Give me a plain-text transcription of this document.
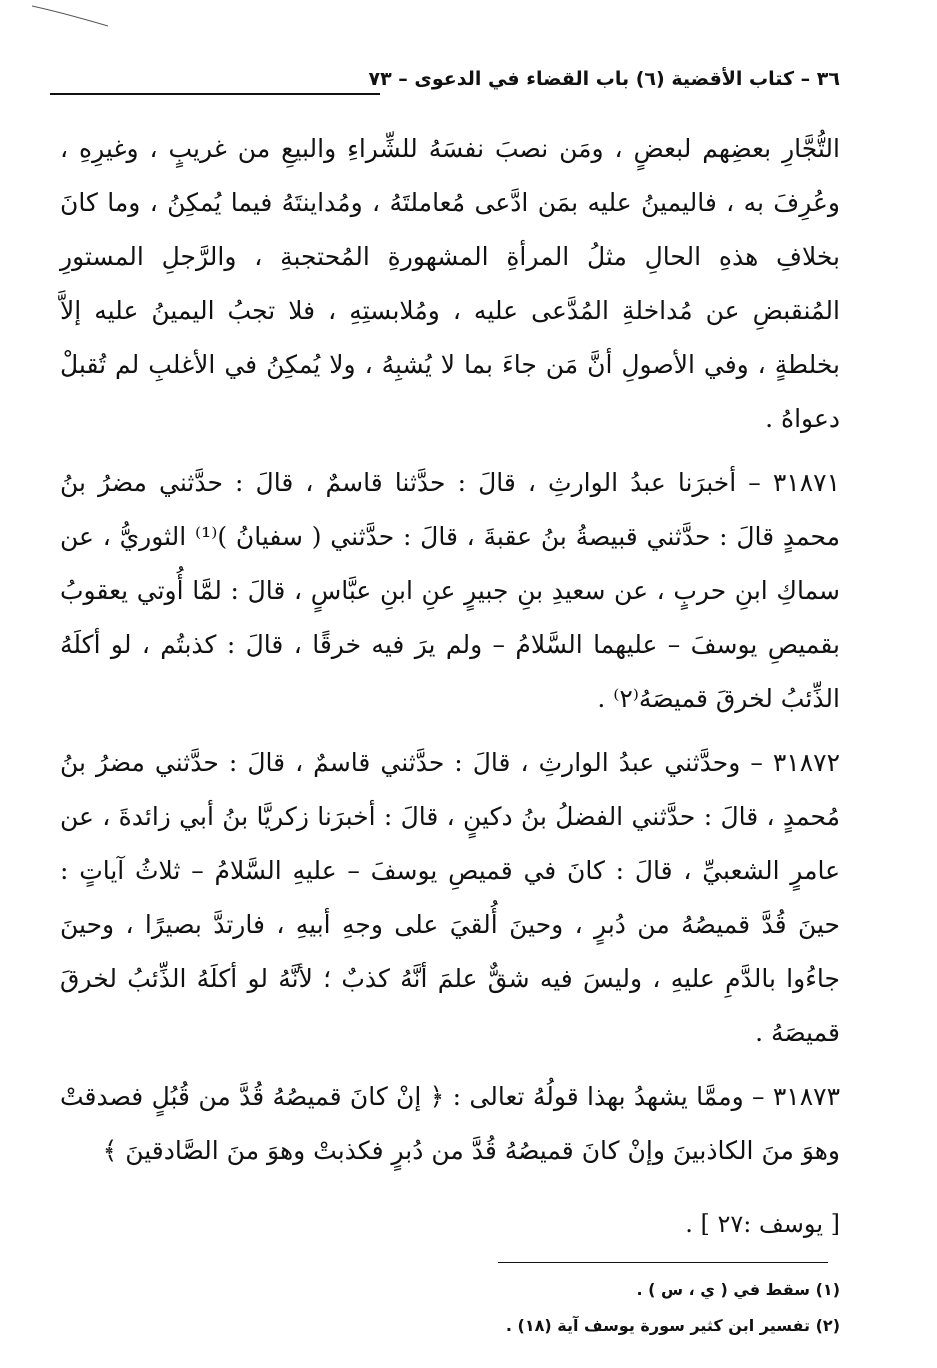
٣٦ – كتاب الأقضية (٦) باب القضاء في الدعوى – ٧٣

التُّجَّارِ بعضِهم لبعضٍ ، ومَن نصبَ نفسَهُ للشِّراءِ والبيعِ من غريبٍ ، وغيرِهِ ، وعُرِفَ به ، فاليمينُ عليه بمَن ادَّعى مُعاملتَهُ ، ومُداينتَهُ فيما يُمكِنُ ، وما كانَ بخلافِ هذهِ الحالِ مثلُ المرأةِ المشهورةِ المُحتجبةِ ، والرَّجلِ المستورِ المُنقبضِ عن مُداخلةِ المُدَّعى عليه ، ومُلابستِهِ ، فلا تجبُ اليمينُ عليه إلاَّ بخلطةٍ ، وفي الأصولِ أنَّ مَن جاءَ بما لا يُشبِهُ ، ولا يُمكِنُ في الأغلبِ لم تُقبلْ دعواهُ .

٣١٨٧١ – أخبرَنا عبدُ الوارثِ ، قالَ : حدَّثنا قاسمٌ ، قالَ : حدَّثني مضرُ بنُ محمدٍ قالَ : حدَّثني قبيصةُ بنُ عقبةَ ، قالَ : حدَّثني ( سفيانُ )⁽¹⁾ الثوريُّ ، عن سماكِ ابنِ حربٍ ، عن سعيدِ بنِ جبيرٍ عنِ ابنِ عبَّاسٍ ، قالَ : لمَّا أُوتي يعقوبُ بقميصِ يوسفَ – عليهما السَّلامُ – ولم يرَ فيه خرقًا ، قالَ : كذبتُم ، لو أكلَهُ الذِّئبُ لخرقَ قميصَهُ⁽٢⁾ .

٣١٨٧٢ – وحدَّثني عبدُ الوارثِ ، قالَ : حدَّثني قاسمٌ ، قالَ : حدَّثني مضرُ بنُ مُحمدٍ ، قالَ : حدَّثني الفضلُ بنُ دكينٍ ، قالَ : أخبرَنا زكريَّا بنُ أبي زائدةَ ، عن عامرٍ الشعبيِّ ، قالَ : كانَ في قميصِ يوسفَ – عليهِ السَّلامُ – ثلاثُ آياتٍ : حينَ قُدَّ قميصُهُ من دُبرٍ ، وحينَ أُلقيَ على وجهِ أبيهِ ، فارتدَّ بصيرًا ، وحينَ جاءُوا بالدَّمِ عليهِ ، وليسَ فيه شقٌّ علمَ أنَّهُ كذبٌ ؛ لأنَّهُ لو أكلَهُ الذِّئبُ لخرقَ قميصَهُ .

٣١٨٧٣ – وممَّا يشهدُ بهذا قولُهُ تعالى : ﴿ إنْ كانَ قميصُهُ قُدَّ من قُبُلٍ فصدقتْ وهوَ منَ الكاذبينَ وإنْ كانَ قميصُهُ قُدَّ من دُبرٍ فكذبتْ وهوَ منَ الصَّادقينَ ﴾

[ يوسف :٢٧ ] .

(١) سقط في ( ي ، س ) .

(٢) تفسير ابن كثير سورة يوسف آية (١٨) .
